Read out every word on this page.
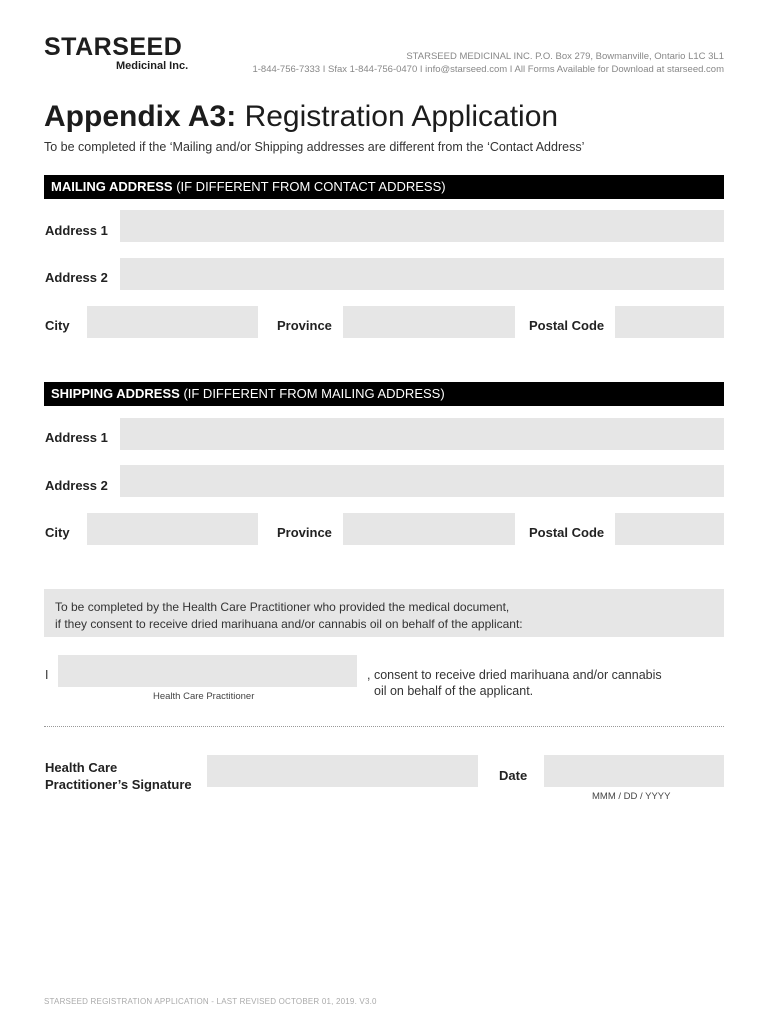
STARSEED
Medicinal Inc.
STARSEED MEDICINAL INC. P.O. Box 279, Bowmanville, Ontario L1C 3L1
1-844-756-7333 I Sfax 1-844-756-0470 I info@starseed.com I All Forms Available for Download at starseed.com
Appendix A3: Registration Application
To be completed if the ‘Mailing and/or Shipping addresses are different from the ‘Contact Address’
MAILING ADDRESS (IF DIFFERENT FROM CONTACT ADDRESS)
Address 1
Address 2
City	Province	Postal Code
SHIPPING ADDRESS (IF DIFFERENT FROM MAILING ADDRESS)
Address 1
Address 2
City	Province	Postal Code
To be completed by the Health Care Practitioner who provided the medical document,
if they consent to receive dried marihuana and/or cannabis oil on behalf of the applicant:
I
Health Care Practitioner
, consent to receive dried marihuana and/or cannabis
oil on behalf of the applicant.
Health Care
Practitioner’s Signature
Date
MMM / DD / YYYY
STARSEED REGISTRATION APPLICATION - LAST REVISED OCTOBER 01, 2019. V3.0
